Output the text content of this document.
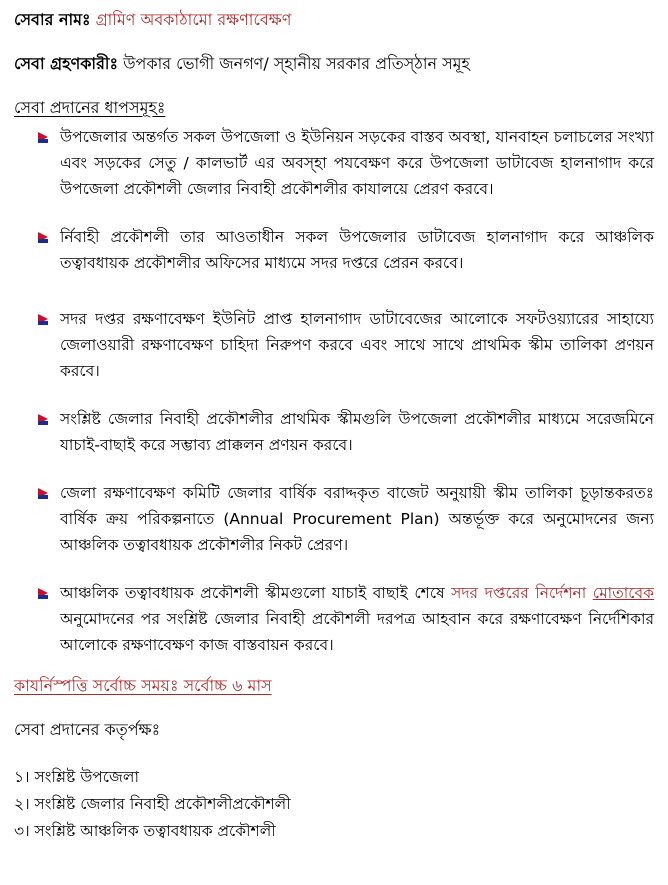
সেবার নামঃ গ্রামিণ অবকাঠামো রক্ষণাবেক্ষণ

সেবা গ্রহণকারীঃ উপকার ভোগী জনগণ/ স্হানীয় সরকার প্রতিস্ঠান সমূহ

সেবা প্রদানের ধাপসমূহঃ

উপজেলার অন্তর্গত সকল উপজেলা ও ইউনিয়ন সড়কের বাস্তব অবস্থা, যানবাহন চলাচলের সংখ্যা এবং সড়কের সেতু / কালভার্ট এর অবস্হা পযবেক্ষণ করে উপজেলা ডাটাবেজ হালনাগাদ করে উপজেলা প্রকৌশলী জেলার নিবাহী প্রকৌশলীর কাযালয়ে প্রেরণ করবে।
র্নিবাহী প্রকৌশলী তার আওতাধীন সকল উপজেলার ডাটাবেজ হালনাগাদ করে আঞ্চলিক তত্বাবধায়ক প্রকৌশলীর অফিসের মাধ্যমে সদর দপ্তরে প্রেরন করবে।
সদর দপ্তর রক্ষণাবেক্ষণ ইউনিট প্রাপ্ত হালনাগাদ ডাটাবেজের আলোকে সফটওয়্যারের সাহায্যে জেলাওয়ারী রক্ষণাবেক্ষণ চাহিদা নিরুপণ করবে এবং সাথে সাথে প্রাথমিক স্কীম তালিকা প্রণয়ন করবে।
সংশ্লিষ্ট জেলার নিবাহী প্রকৌশলীর প্রাথমিক স্কীমগুলি উপজেলা প্রকৌশলীর মাধ্যমে সরেজমিনে যাচাই-বাছাই করে সম্ভাব্য প্রাক্কলন প্রণয়ন করবে।
জেলা রক্ষণাবেক্ষণ কমিটি জেলার বার্ষিক বরাদ্দকৃত বাজেট অনুয়ায়ী স্কীম তালিকা চূড়ান্তকরতঃ বার্ষিক ক্রয় পরিকল্পনাতে (Annual Procurement Plan) অন্তর্ভূক্ত করে অনুমোদনের জন্য আঞ্চলিক তত্বাবধায়ক প্রকৌশলীর নিকট প্রেরণ।
আঞ্চলিক তত্বাবধায়ক প্রকৌশলী স্কীমগুলো যাচাই বাছাই শেষে সদর দপ্তরের নির্দেশনা মোতাবেক অনুমোদনের পর সংশ্লিষ্ট জেলার নিবাহী প্রকৌশলী দরপত্র আহবান করে রক্ষণাবেক্ষণ নির্দেশিকার আলোকে রক্ষণাবেক্ষণ কাজ বাস্তবায়ন করবে।

কাযর্নিস্পত্তি সর্বোচ্চ সময়ঃ সর্বোচ্চ ৬ মাস

সেবা প্রদানের কতৃর্পক্ষঃ

১। সংশ্লিষ্ট উপজেলা
২। সংশ্লিষ্ট জেলার নিবাহী প্রকৌশলীপ্রকৌশলী
৩। সংশ্লিষ্ট আঞ্চলিক তত্বাবধায়ক প্রকৌশলী
